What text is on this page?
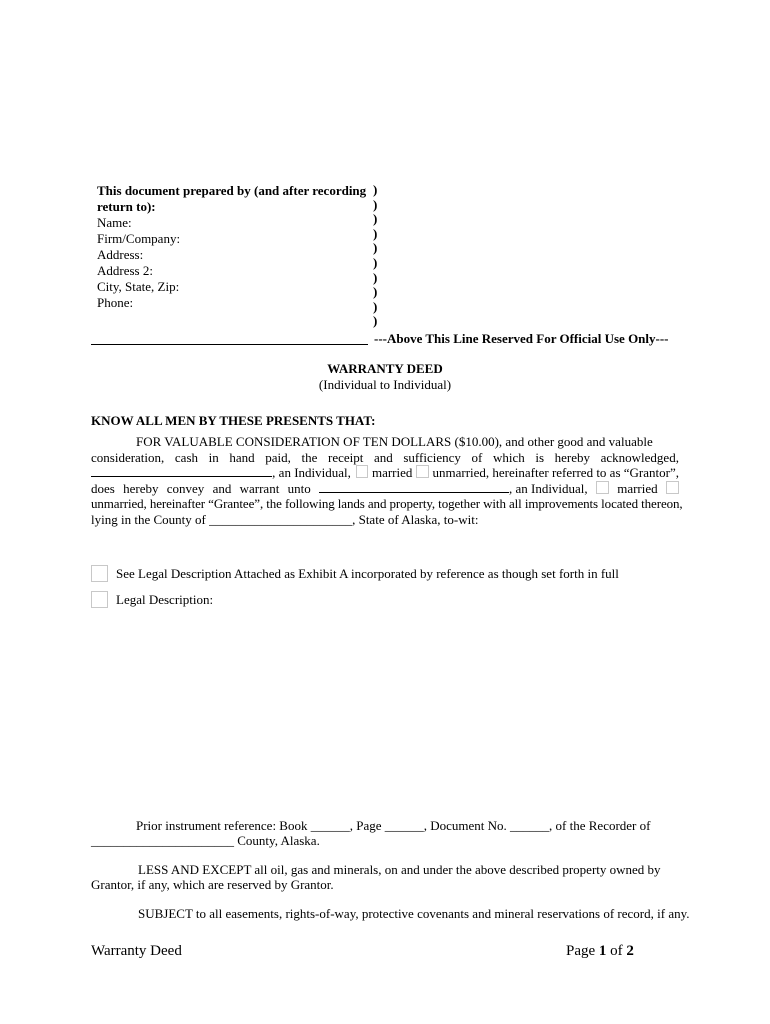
This document prepared by (and after recording
return to):
Name:
Firm/Company:
Address:
Address 2:
City, State, Zip:
Phone:
)
)
)
)
)
)
)
)
)
)
---Above This Line Reserved For Official Use Only---
WARRANTY DEED
(Individual to Individual)
KNOW ALL MEN BY THESE PRESENTS THAT:
FOR VALUABLE CONSIDERATION OF TEN DOLLARS ($10.00), and other good and valuable
consideration, cash in hand paid, the receipt and sufficiency of which is hereby acknowledged,
, an Individual, married unmarried, hereinafter referred to as “Grantor”,
does hereby convey and warrant unto	, an Individual, married
unmarried, hereinafter “Grantee”, the following lands and property, together with all improvements located thereon,
lying in the County of ______________________ , State of Alaska, to-wit:
See Legal Description Attached as Exhibit A incorporated by reference as though set forth in full
Legal Description:
Prior instrument reference: Book ______, Page ______, Document No. ______, of the Recorder of
______________________ County, Alaska.
LESS AND EXCEPT all oil, gas and minerals, on and under the above described property owned by
Grantor, if any, which are reserved by Grantor.
SUBJECT to all easements, rights-of-way, protective covenants and mineral reservations of record, if any.
Warranty Deed	Page 1 of 2
